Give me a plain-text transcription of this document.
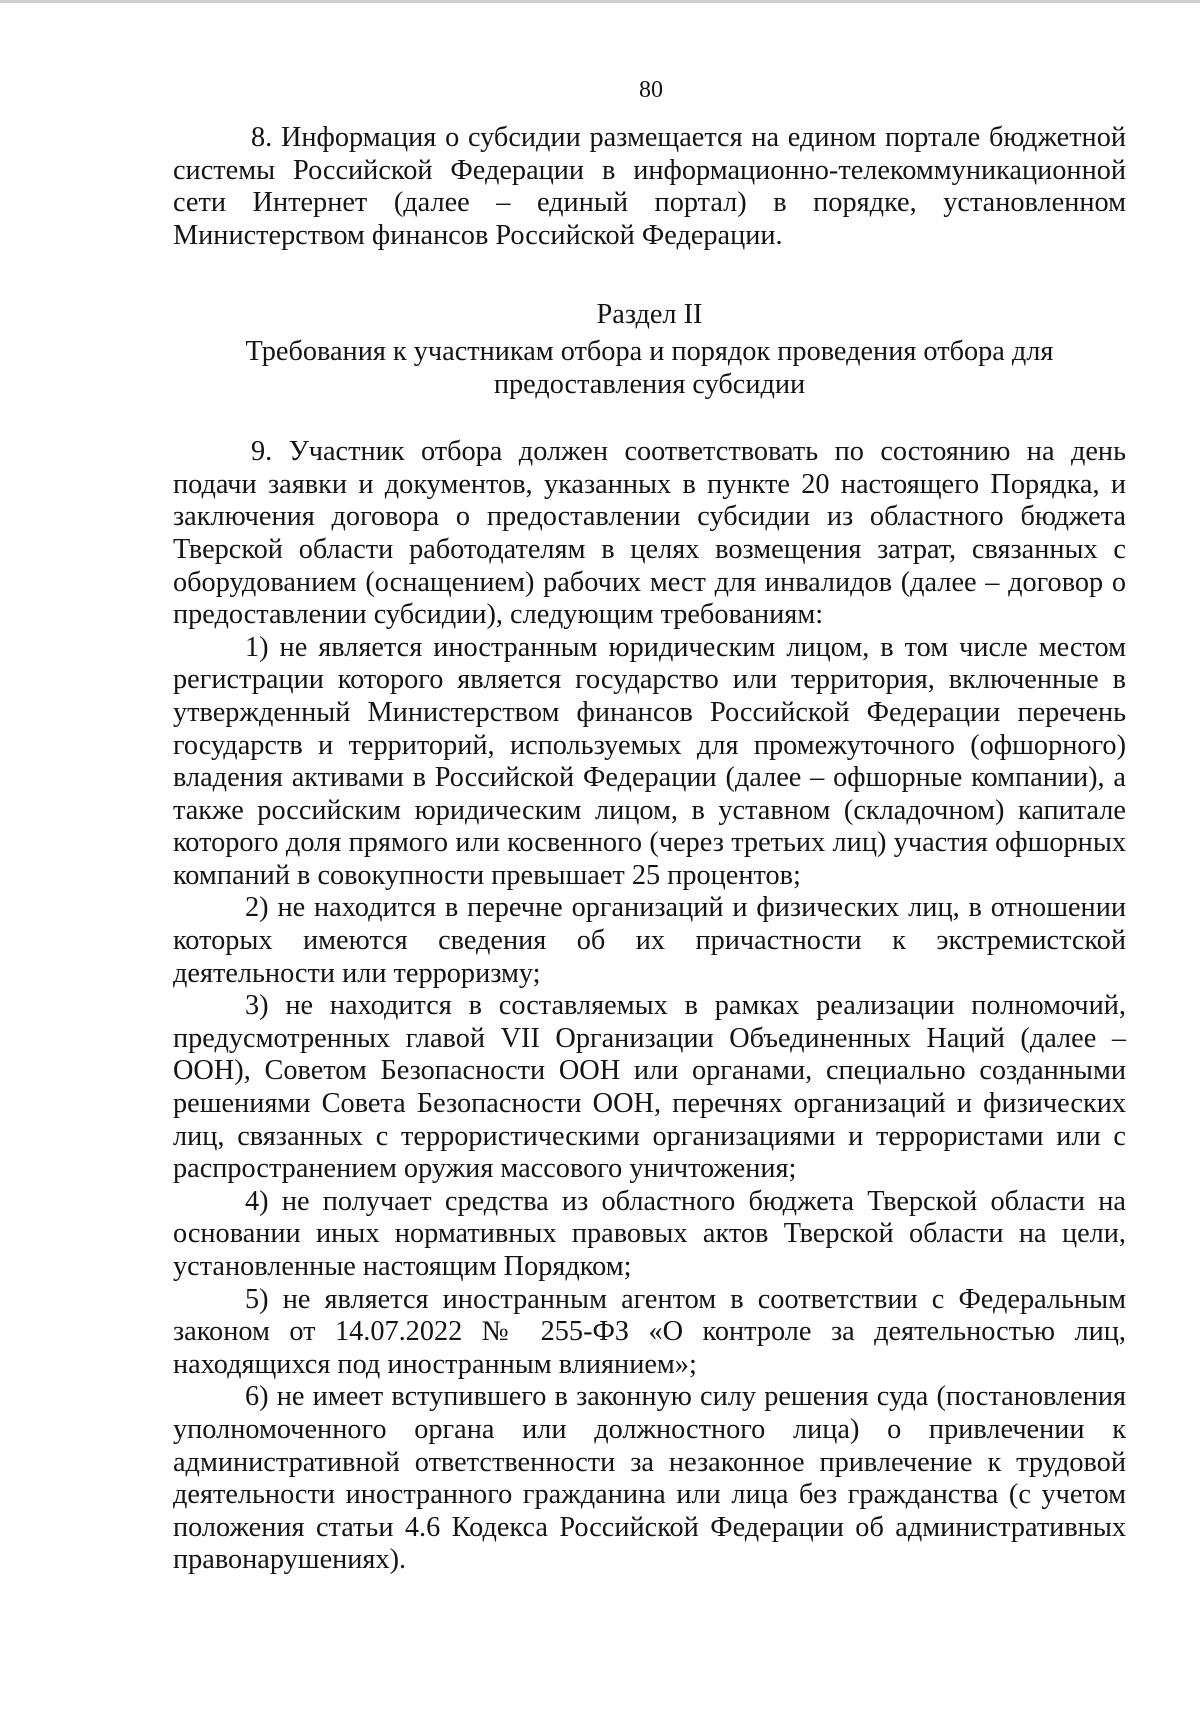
80

8. Информация о субсидии размещается на едином портале бюджетной системы Российской Федерации в информационно-телекоммуникационной сети Интернет (далее – единый портал) в порядке, установленном Министерством финансов Российской Федерации.

Раздел II
Требования к участникам отбора и порядок проведения отбора для предоставления субсидии

9. Участник отбора должен соответствовать по состоянию на день подачи заявки и документов, указанных в пункте 20 настоящего Порядка, и заключения договора о предоставлении субсидии из областного бюджета Тверской области работодателям в целях возмещения затрат, связанных с оборудованием (оснащением) рабочих мест для инвалидов (далее – договор о предоставлении субсидии), следующим требованиям:

1) не является иностранным юридическим лицом, в том числе местом регистрации которого является государство или территория, включенные в утвержденный Министерством финансов Российской Федерации перечень государств и территорий, используемых для промежуточного (офшорного) владения активами в Российской Федерации (далее – офшорные компании), а также российским юридическим лицом, в уставном (складочном) капитале которого доля прямого или косвенного (через третьих лиц) участия офшорных компаний в совокупности превышает 25 процентов;

2) не находится в перечне организаций и физических лиц, в отношении которых имеются сведения об их причастности к экстремистской деятельности или терроризму;

3) не находится в составляемых в рамках реализации полномочий, предусмотренных главой VII Организации Объединенных Наций (далее – ООН), Советом Безопасности ООН или органами, специально созданными решениями Совета Безопасности ООН, перечнях организаций и физических лиц, связанных с террористическими организациями и террористами или с распространением оружия массового уничтожения;

4) не получает средства из областного бюджета Тверской области на основании иных нормативных правовых актов Тверской области на цели, установленные настоящим Порядком;

5) не является иностранным агентом в соответствии с Федеральным законом от 14.07.2022 № 255-ФЗ «О контроле за деятельностью лиц, находящихся под иностранным влиянием»;

6) не имеет вступившего в законную силу решения суда (постановления уполномоченного органа или должностного лица) о привлечении к административной ответственности за незаконное привлечение к трудовой деятельности иностранного гражданина или лица без гражданства (с учетом положения статьи 4.6 Кодекса Российской Федерации об административных правонарушениях).
